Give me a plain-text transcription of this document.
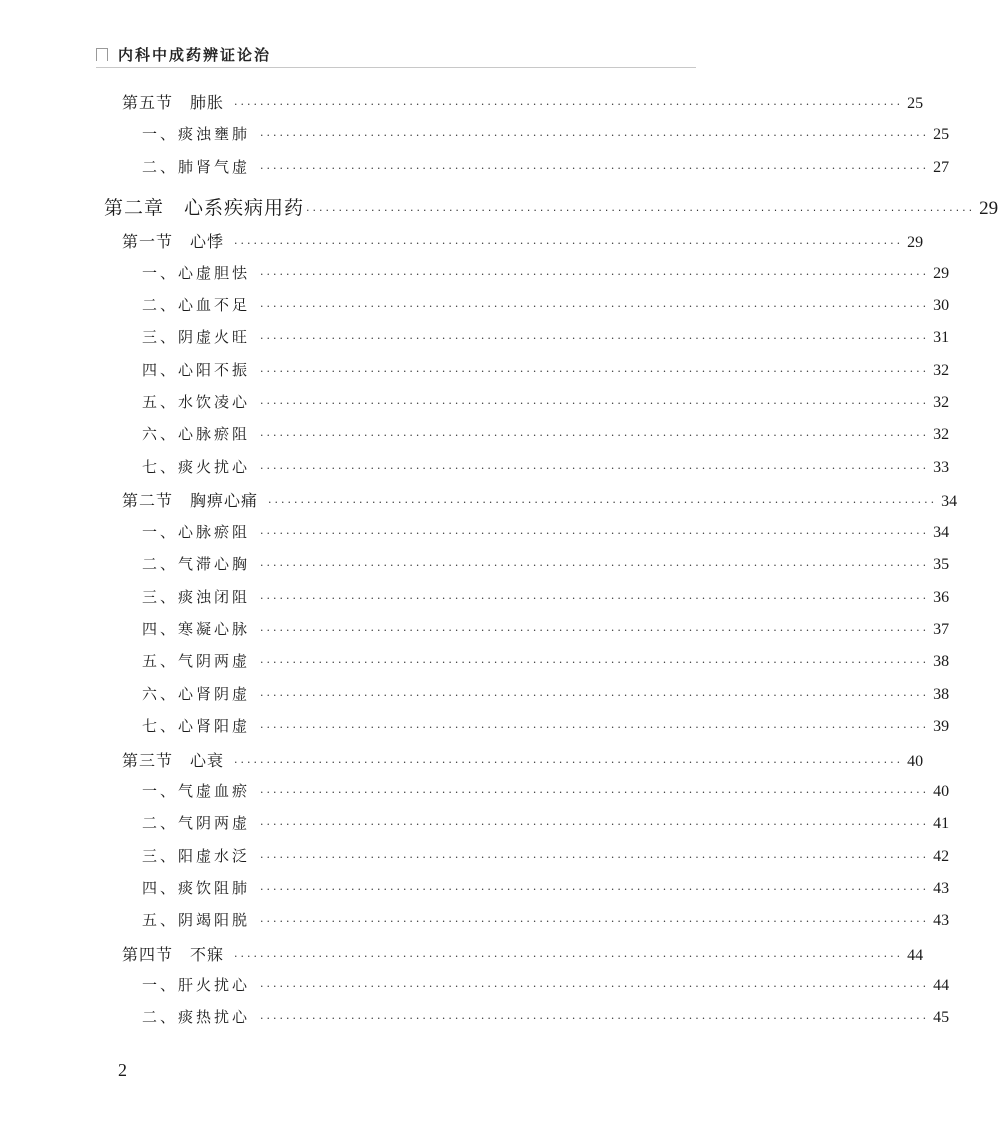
内科中成药辨证论治
第五节　肺胀 ······································································································· 25
一、痰浊壅肺 ······································································································· 25
二、肺肾气虚 ······································································································· 27
第二章　心系疾病用药 ······································································································· 29
第一节　心悸 ······································································································· 29
一、心虚胆怯 ······································································································· 29
二、心血不足 ······································································································· 30
三、阴虚火旺 ······································································································· 31
四、心阳不振 ······································································································· 32
五、水饮凌心 ······································································································· 32
六、心脉瘀阻 ······································································································· 32
七、痰火扰心 ······································································································· 33
第二节　胸痹心痛 ······································································································· 34
一、心脉瘀阻 ······································································································· 34
二、气滞心胸 ······································································································· 35
三、痰浊闭阻 ······································································································· 36
四、寒凝心脉 ······································································································· 37
五、气阴两虚 ······································································································· 38
六、心肾阴虚 ······································································································· 38
七、心肾阳虚 ······································································································· 39
第三节　心衰 ······································································································· 40
一、气虚血瘀 ······································································································· 40
二、气阴两虚 ······································································································· 41
三、阳虚水泛 ······································································································· 42
四、痰饮阻肺 ······································································································· 43
五、阴竭阳脱 ······································································································· 43
第四节　不寐 ······································································································· 44
一、肝火扰心 ······································································································· 44
二、痰热扰心 ······································································································· 45
2
